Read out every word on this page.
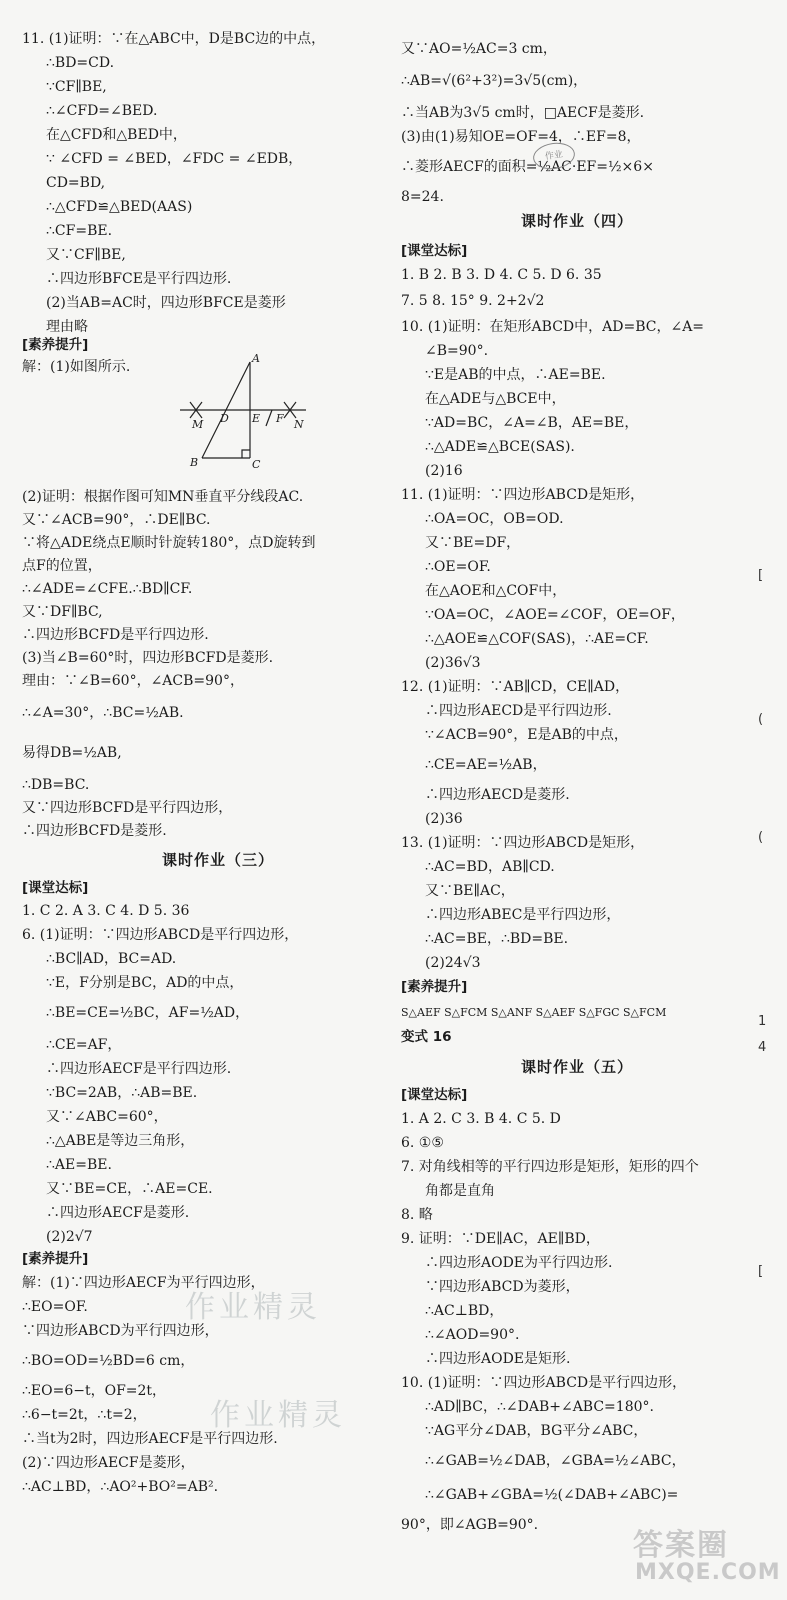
11. (1)证明：∵在△ABC中，D是BC边的中点，
∴BD=CD.
∵CF∥BE,
∴∠CFD=∠BED.
在△CFD和△BED中，
∵ ∠CFD = ∠BED，∠FDC = ∠EDB，
CD=BD,
∴△CFD≌△BED(AAS)
∴CF=BE.
又∵CF∥BE,
∴四边形BFCE是平行四边形.
(2)当AB=AC时，四边形BFCE是菱形
理由略
[素养提升]
解：(1)如图所示.
A
B	C
D E F
M	N
(2)证明：根据作图可知MN垂直平分线段AC.
又∵∠ACB=90°，∴DE∥BC.
∵将△ADE绕点E顺时针旋转180°，点D旋转到
点F的位置，
∴∠ADE=∠CFE.∴BD∥CF.
又∵DF∥BC,
∴四边形BCFD是平行四边形.
(3)当∠B=60°时，四边形BCFD是菱形.
理由：∵∠B=60°，∠ACB=90°，
∴∠A=30°，∴BC=½AB.
易得DB=½AB,
∴DB=BC.
又∵四边形BCFD是平行四边形，
∴四边形BCFD是菱形.
课时作业（三）
[课堂达标]
1. C 2. A 3. C 4. D 5. 36
6. (1)证明：∵四边形ABCD是平行四边形，
∴BC∥AD，BC=AD.
∵E，F分别是BC，AD的中点，
∴BE=CE=½BC，AF=½AD，
∴CE=AF，
∴四边形AECF是平行四边形.
∵BC=2AB，∴AB=BE.
又∵∠ABC=60°，
∴△ABE是等边三角形，
∴AE=BE.
又∵BE=CE，∴AE=CE.
∴四边形AECF是菱形.
(2)2√7
[素养提升]
解：(1)∵四边形AECF为平行四边形，
∴EO=OF.
∵四边形ABCD为平行四边形，
∴BO=OD=½BD=6 cm，
∴EO=6−t，OF=2t，
∴6−t=2t，∴t=2，
∴当t为2时，四边形AECF是平行四边形.
(2)∵四边形AECF是菱形，
∴AC⊥BD，∴AO²+BO²=AB².
又∵AO=½AC=3 cm，
∴AB=√(6²+3²)=3√5(cm)，
∴当AB为3√5 cm时，□AECF是菱形.
(3)由(1)易知OE=OF=4，∴EF=8，
∴菱形AECF的面积=½AC·EF=½×6×
8=24.
课时作业（四）
[课堂达标]
1. B 2. B 3. D 4. C 5. D 6. 35
7. 5 8. 15° 9. 2+2√2
10. (1)证明：在矩形ABCD中，AD=BC，∠A=
∠B=90°.
∵E是AB的中点，∴AE=BE.
在△ADE与△BCE中，
∵AD=BC，∠A=∠B，AE=BE，
∴△ADE≌△BCE(SAS).
(2)16
11. (1)证明：∵四边形ABCD是矩形，
∴OA=OC，OB=OD.
又∵BE=DF，
∴OE=OF.
在△AOE和△COF中，
∵OA=OC，∠AOE=∠COF，OE=OF，
∴△AOE≌△COF(SAS)，∴AE=CF.
(2)36√3
12. (1)证明：∵AB∥CD，CE∥AD，
∴四边形AECD是平行四边形.
∵∠ACB=90°，E是AB的中点，
∴CE=AE=½AB，
∴四边形AECD是菱形.
(2)36
13. (1)证明：∵四边形ABCD是矩形，
∴AC=BD，AB∥CD.
又∵BE∥AC，
∴四边形ABEC是平行四边形，
∴AC=BE，∴BD=BE.
(2)24√3
[素养提升]
S△AEF S△FCM S△ANF S△AEF S△FGC S△FCM
变式 16
课时作业（五）
[课堂达标]
1. A 2. C 3. B 4. C 5. D
6. ①⑤
7. 对角线相等的平行四边形是矩形，矩形的四个
角都是直角
8. 略
9. 证明：∵DE∥AC，AE∥BD，
∴四边形AODE为平行四边形.
∵四边形ABCD为菱形，
∴AC⊥BD，
∴∠AOD=90°.
∴四边形AODE是矩形.
10. (1)证明：∵四边形ABCD是平行四边形，
∴AD∥BC，∴∠DAB+∠ABC=180°.
∵AG平分∠DAB，BG平分∠ABC，
∴∠GAB=½∠DAB，∠GBA=½∠ABC，
∴∠GAB+∠GBA=½(∠DAB+∠ABC)=
90°，即∠AGB=90°.
[
(
(
1
4
[
作业
作业精灵
作业精灵
答案圈
MXQE.COM
